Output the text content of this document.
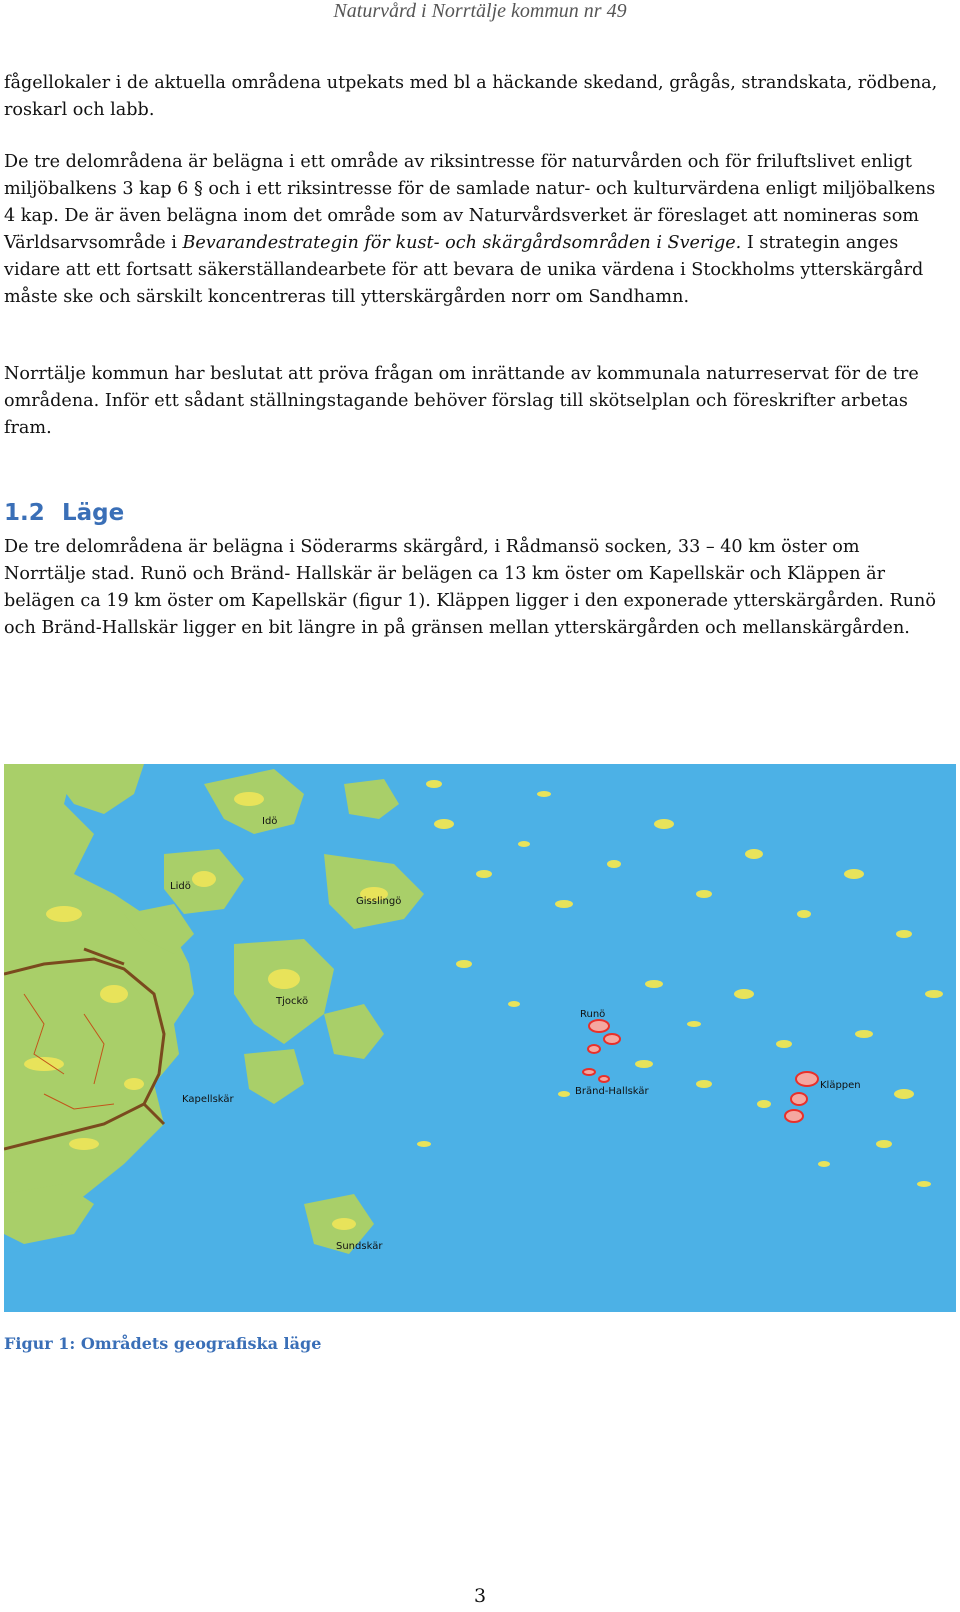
Naturvård i Norrtälje kommun nr 49

fågellokaler i de aktuella områdena utpekats med bl a häckande skedand, grågås, strandskata, rödbena, roskarl och labb.

De tre delområdena är belägna i ett område av riksintresse för naturvården och för friluftslivet enligt miljöbalkens 3 kap 6 § och i ett riksintresse för de samlade natur- och kulturvärdena enligt miljöbalkens 4 kap. De är även belägna inom det område som av Naturvårdsverket är föreslaget att nomineras som Världsarvsområde i Bevarandestrategin för kust- och skärgårdsområden i Sverige. I strategin anges vidare att ett fortsatt säkerställandearbete för att bevara de unika värdena i Stockholms ytterskärgård måste ske och särskilt koncentreras till ytterskärgården norr om Sandhamn.

Norrtälje kommun har beslutat att pröva frågan om inrättande av kommunala naturreservat för de tre områdena. Inför ett sådant ställningstagande behöver förslag till skötselplan och föreskrifter arbetas fram.

1.2 Läge

De tre delområdena är belägna i Söderarms skärgård, i Rådmansö socken, 33 – 40 km öster om Norrtälje stad. Runö och Bränd- Hallskär är belägen ca 13 km öster om Kapellskär och Kläppen är belägen ca 19 km öster om Kapellskär (figur 1). Kläppen ligger i den exponerade ytterskärgården. Runö och Bränd-Hallskär ligger en bit längre in på gränsen mellan ytterskärgården och mellanskärgården.

Idö
Lidö
Gisslingö
Tjockö
Kapellskär
Runö
Bränd-Hallskär
Kläppen
Sundskär

Figur 1: Områdets geografiska läge

3
